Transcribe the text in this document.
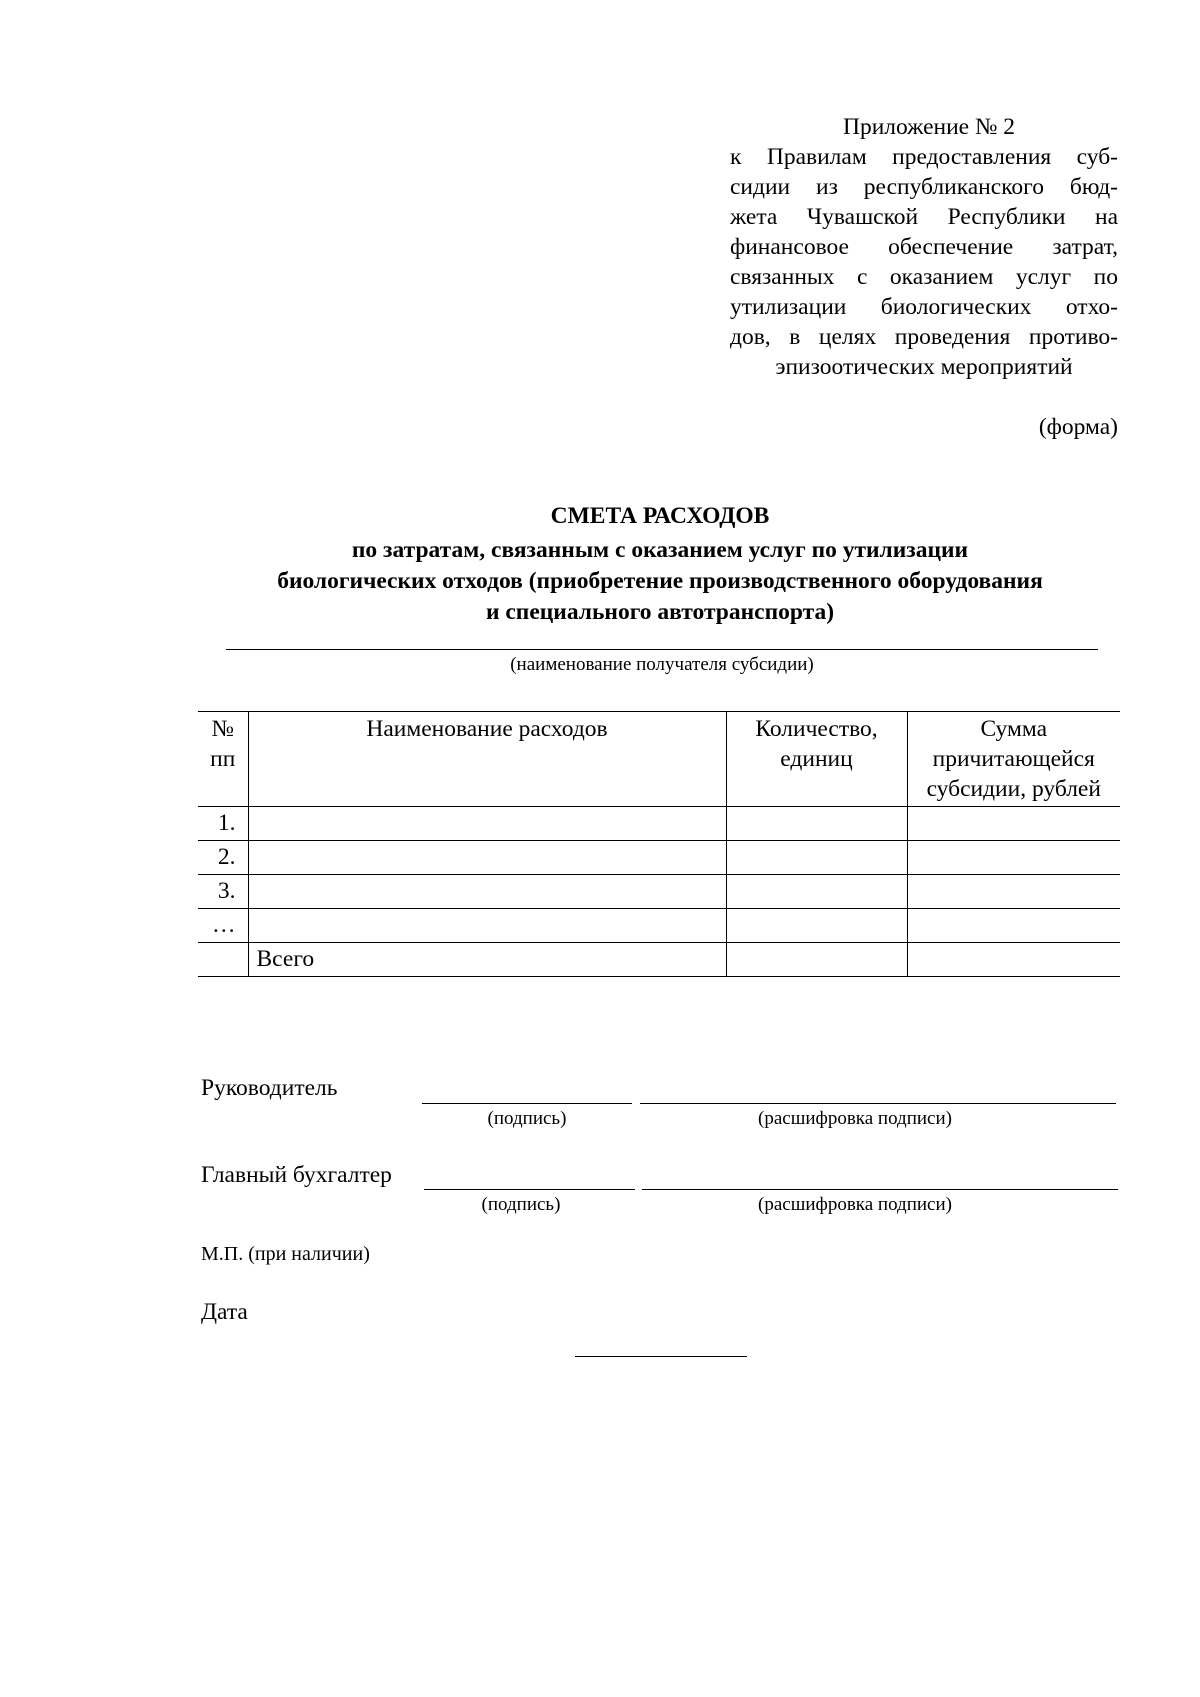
Приложение № 2
к Правилам предоставления суб-
сидии из республиканского бюд-
жета Чувашской Республики на
финансовое обеспечение затрат,
связанных с оказанием услуг по
утилизации биологических отхо-
дов, в целях проведения противо-
эпизоотических мероприятий
(форма)
СМЕТА РАСХОДОВ
по затратам, связанным с оказанием услуг по утилизации
биологических отходов (приобретение производственного оборудования
и специального автотранспорта)
(наименование получателя субсидии)
№ пп	Наименование расходов	Количество, единиц	Сумма причитающейся субсидии, рублей
1.			
2.			
3.			
…			
	Всего		
Руководитель
(подпись)	(расшифровка подписи)
Главный бухгалтер
(подпись)	(расшифровка подписи)
М.П. (при наличии)
Дата
